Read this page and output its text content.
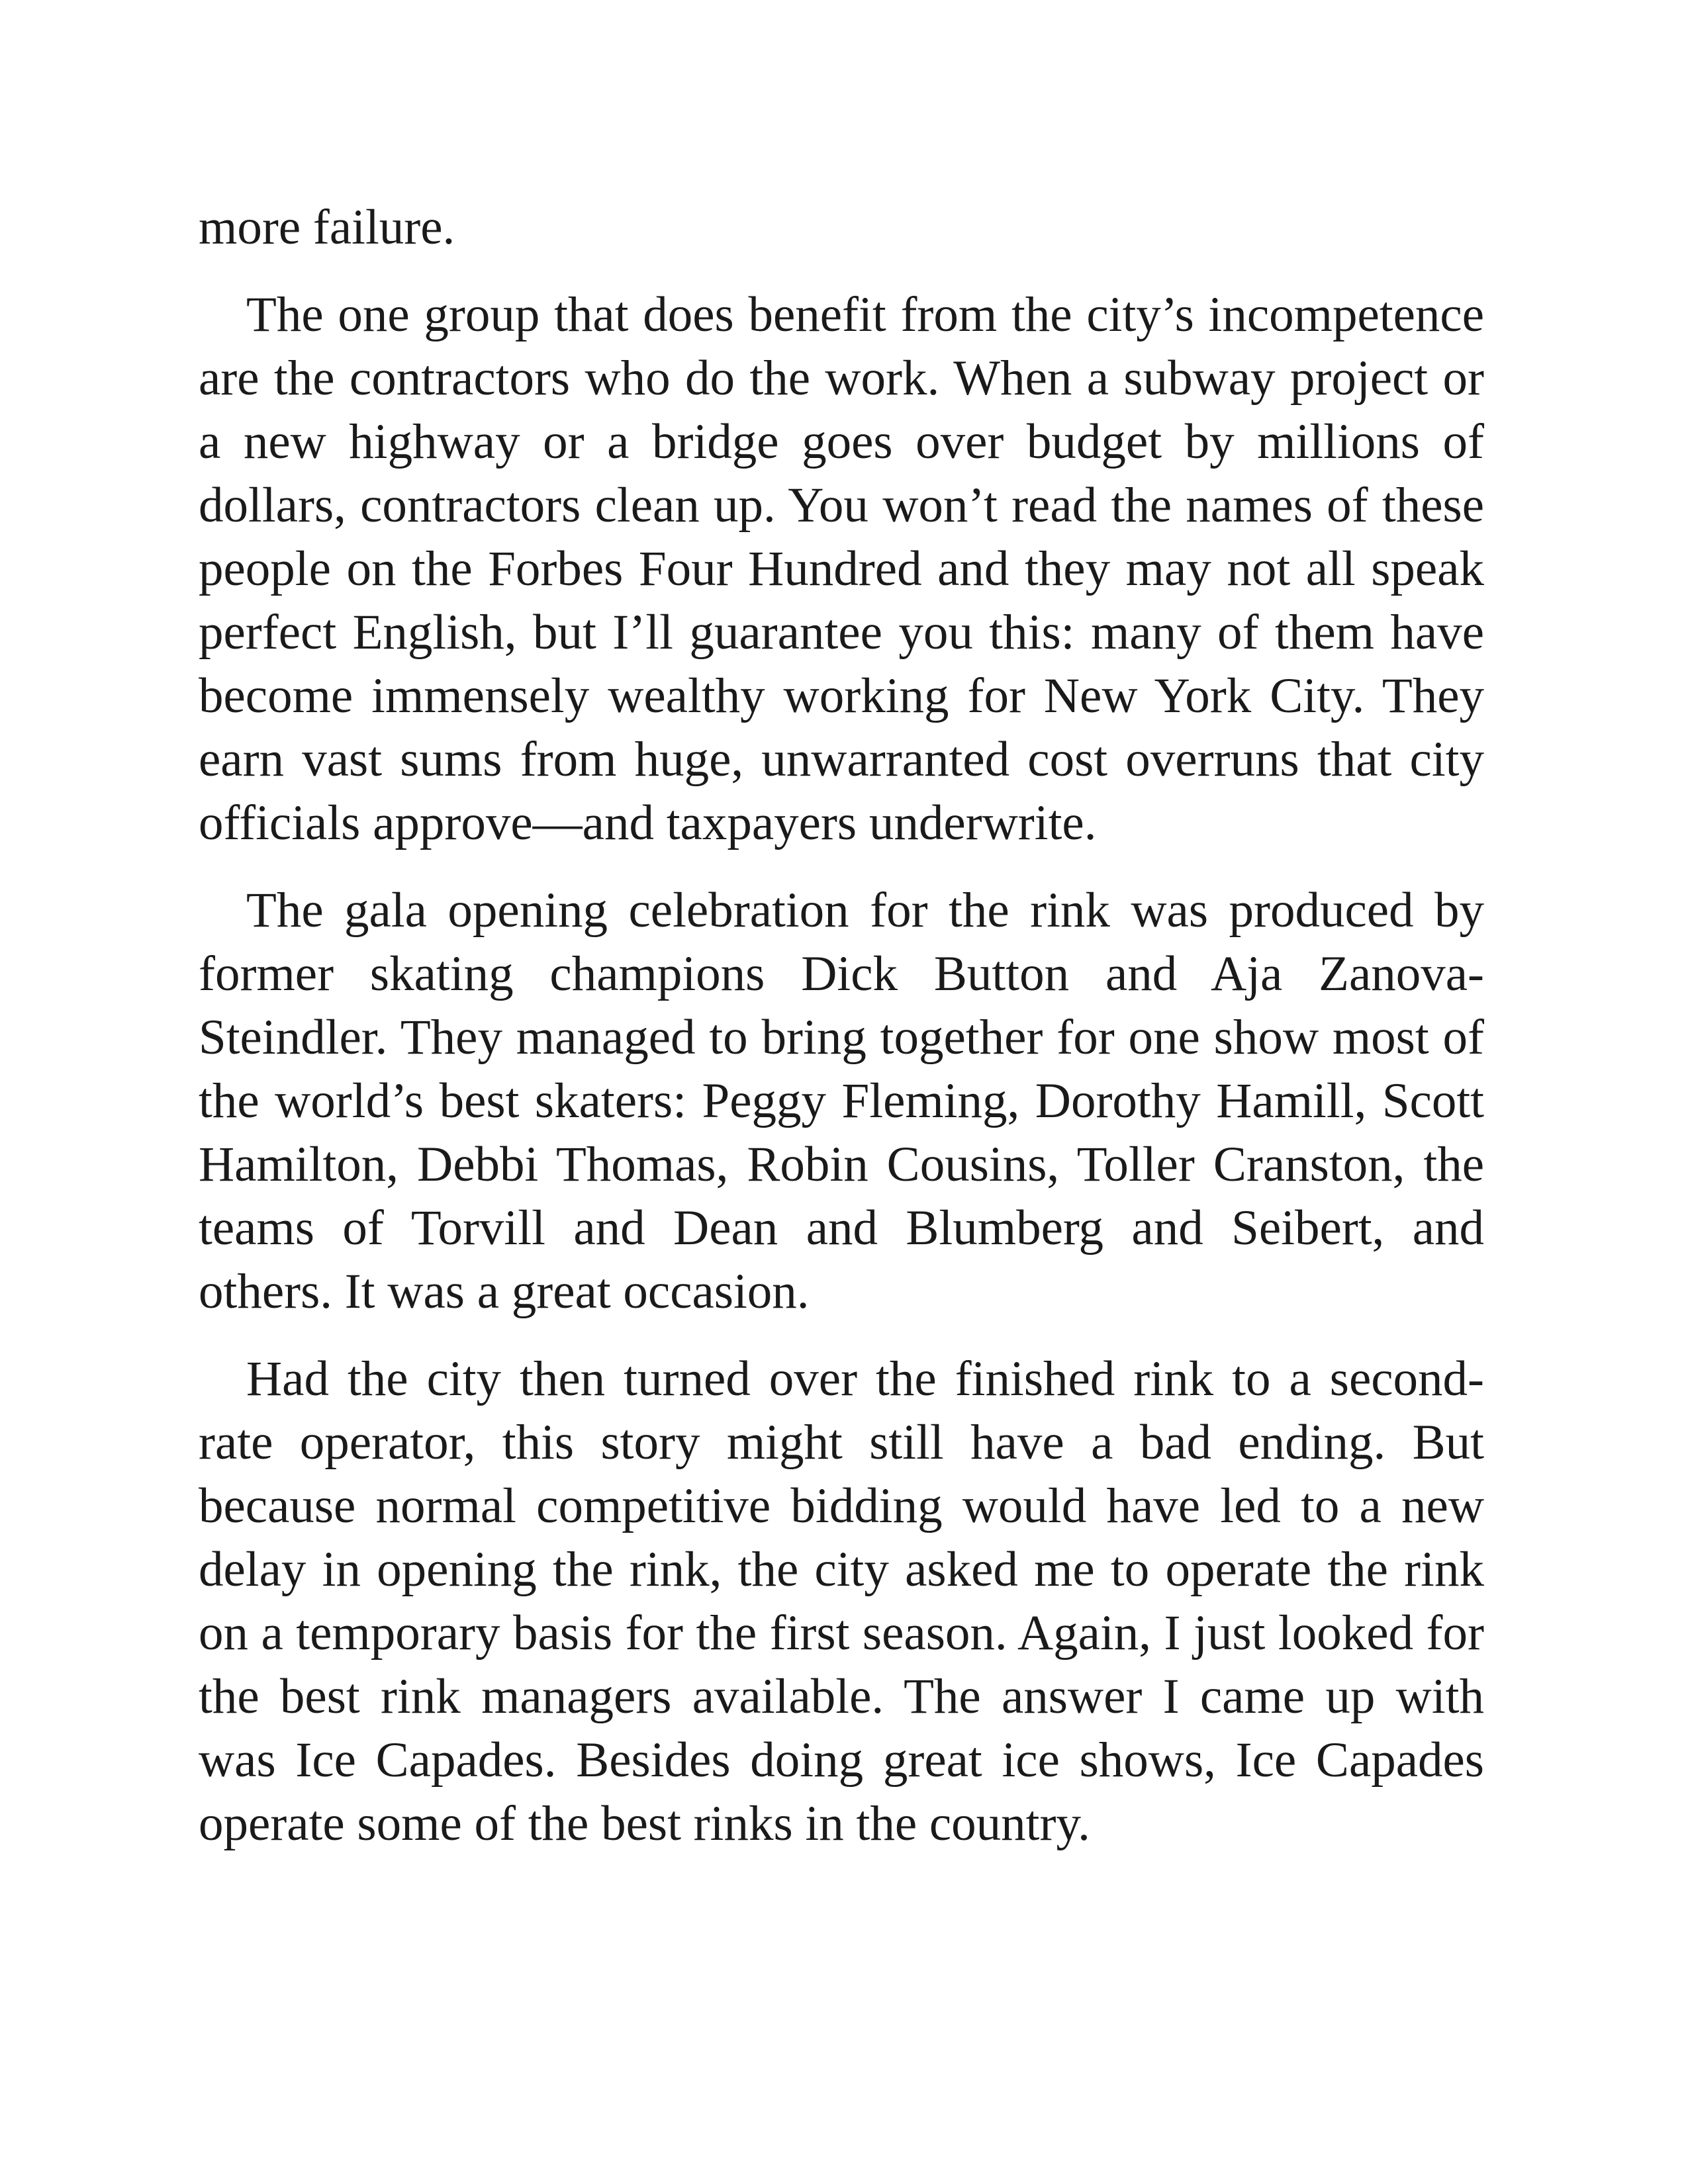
more failure.

The one group that does benefit from the city’s incompetence are the contractors who do the work. When a subway project or a new highway or a bridge goes over budget by millions of dollars, contractors clean up. You won’t read the names of these people on the Forbes Four Hundred and they may not all speak perfect English, but I’ll guarantee you this: many of them have become immensely wealthy working for New York City. They earn vast sums from huge, unwarranted cost overruns that city officials approve—and taxpayers underwrite.

The gala opening celebration for the rink was produced by former skating champions Dick Button and Aja Zanova-Steindler. They managed to bring together for one show most of the world’s best skaters: Peggy Fleming, Dorothy Hamill, Scott Hamilton, Debbi Thomas, Robin Cousins, Toller Cranston, the teams of Torvill and Dean and Blumberg and Seibert, and others. It was a great occasion.

Had the city then turned over the finished rink to a second-rate operator, this story might still have a bad ending. But because normal competitive bidding would have led to a new delay in opening the rink, the city asked me to operate the rink on a temporary basis for the first season. Again, I just looked for the best rink managers available. The answer I came up with was Ice Capades. Besides doing great ice shows, Ice Capades operate some of the best rinks in the country.
